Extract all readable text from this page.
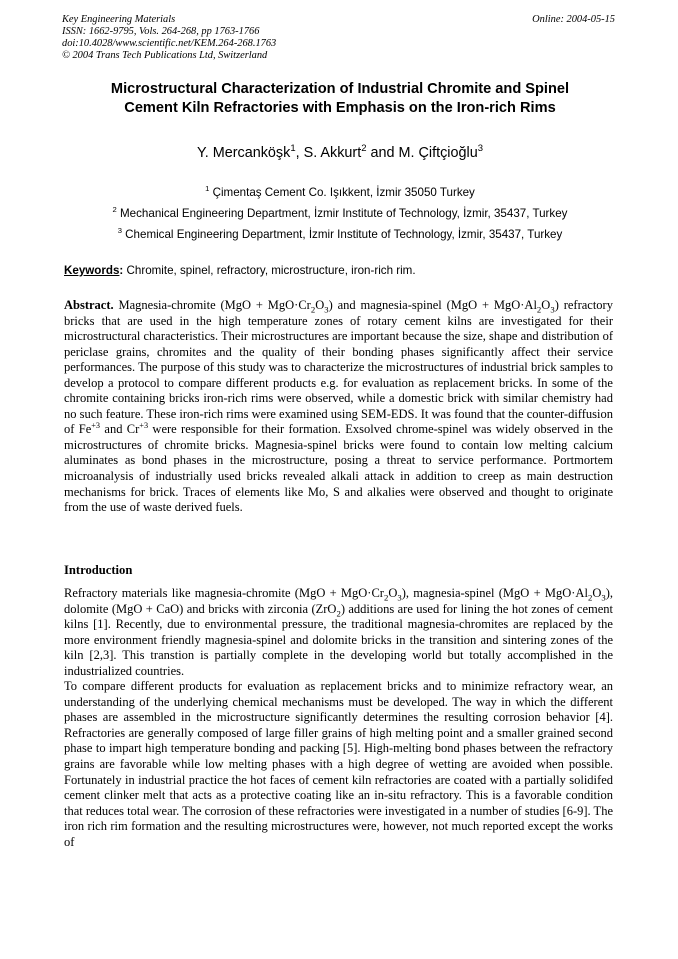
Key Engineering Materials
ISSN: 1662-9795, Vols. 264-268, pp 1763-1766
doi:10.4028/www.scientific.net/KEM.264-268.1763
© 2004 Trans Tech Publications Ltd, Switzerland
Online: 2004-05-15
Microstructural Characterization of Industrial Chromite and Spinel
Cement Kiln Refractories with Emphasis on the Iron-rich Rims
Y. Mercanköşk$^1$, S. Akkurt$^2$ and M. Çiftçioğlu$^3$
$^1$ Çimentaş Cement Co. Işıkkent, İzmir 35050 Turkey
$^2$ Mechanical Engineering Department, İzmir Institute of Technology, İzmir, 35437, Turkey
$^3$ Chemical Engineering Department, İzmir Institute of Technology, İzmir, 35437, Turkey
Keywords: Chromite, spinel, refractory, microstructure, iron-rich rim.

Abstract. Magnesia-chromite $(MgO + MgO\cdot Cr_2O_3)$ and magnesia-spinel $(MgO + MgO\cdot Al_2O_3)$ refractory bricks that are used in the high temperature zones of rotary cement kilns are investigated for their microstructural characteristics. Their microstructures are important because the size, shape and distribution of periclase grains, chromites and the quality of their bonding phases significantly affect their service performances. The purpose of this study was to characterize the microstructures of industrial brick samples to develop a protocol to compare different products e.g. for evaluation as replacement bricks. In some of the chromite containing bricks iron-rich rims were observed, while a domestic brick with similar chemistry had no such feature. These iron-rich rims were examined using SEM-EDS. It was found that the counter-diffusion of $Fe^{+3}$ and $Cr^{+3}$ were responsible for their formation. Exsolved chrome-spinel was widely observed in the microstructures of chromite bricks. Magnesia-spinel bricks were found to contain low melting calcium aluminates as bond phases in the microstructure, posing a threat to service performance. Portmortem microanalysis of industrially used bricks revealed alkali attack in addition to creep as main destruction mechanisms for brick. Traces of elements like Mo, S and alkalies were observed and thought to originate from the use of waste derived fuels.

Introduction

Refractory materials like magnesia-chromite $(MgO + MgO\cdot Cr_2O_3)$, magnesia-spinel $(MgO + MgO\cdot Al_2O_3)$, dolomite (MgO + CaO) and bricks with zirconia (ZrO$_2$) additions are used for lining the hot zones of cement kilns [1]. Recently, due to environmental pressure, the traditional magnesia-chromites are replaced by the more environment friendly magnesia-spinel and dolomite bricks in the transition and sintering zones of the kiln [2,3]. This transtion is partially complete in the developing world but totally accomplished in the industrialized countries.

To compare different products for evaluation as replacement bricks and to minimize refractory wear, an understanding of the underlying chemical mechanisms must be developed. The way in which the different phases are assembled in the microstructure significantly determines the resulting corrosion behavior [4]. Refractories are generally composed of large filler grains of high melting point and a smaller grained second phase to impart high temperature bonding and packing [5]. High-melting bond phases between the refractory grains are favorable while low melting phases with a high degree of wetting are avoided when possible. Fortunately in industrial practice the hot faces of cement kiln refractories are coated with a partially solidifed cement clinker melt that acts as a protective coating like an in-situ refractory. This is a favorable condition that reduces total wear. The corrosion of these refractories were investigated in a number of studies [6-9]. The iron rich rim formation and the resulting microstructures were, however, not much reported except the works of
